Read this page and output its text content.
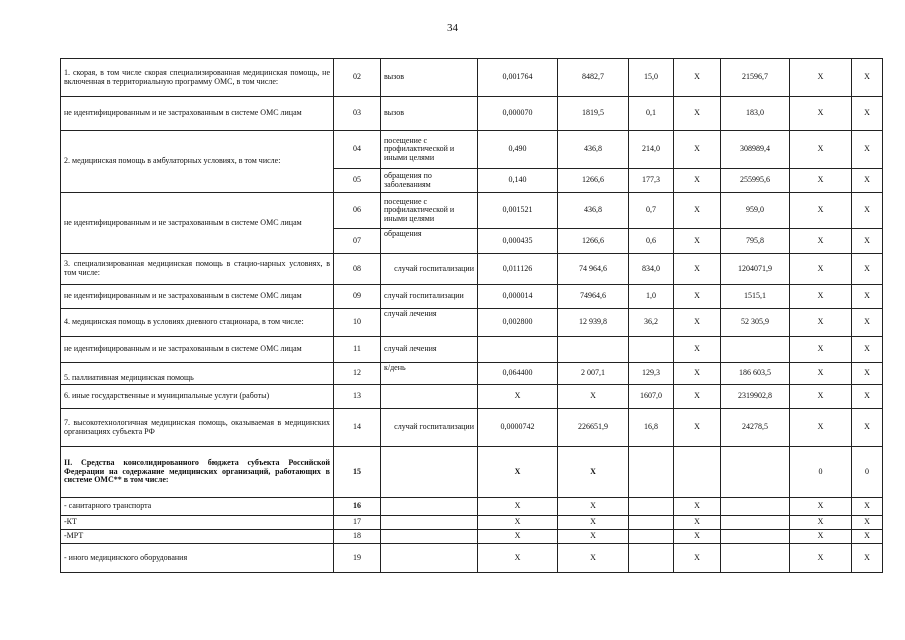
34
1. скорая, в том числе скорая специализированная медицинская помощь, не включенная в территориальную программу ОМС, в том числе:	02	вызов	0,001764	8482,7	15,0	Х	21596,7	Х	Х
не идентифицированным и не застрахованным в системе ОМС лицам	03	вызов	0,000070	1819,5	0,1	Х	183,0	Х	Х
2. медицинская помощь в амбулаторных условиях, в том числе:	04	посещение с профилактической и иными целями	0,490	436,8	214,0	Х	308989,4	Х	Х
	05	обращения по заболеваниям	0,140	1266,6	177,3	Х	255995,6	Х	Х
не идентифицированным и не застрахованным в системе ОМС лицам	06	посещение с профилактической и иными целями	0,001521	436,8	0,7	Х	959,0	Х	Х
	07	обращения	0,000435	1266,6	0,6	Х	795,8	Х	Х
3. специализированная медицинская помощь в стацио-нарных условиях, в том числе:	08	случай госпитализации	0,011126	74 964,6	834,0	Х	1204071,9	Х	Х
не идентифицированным и не застрахованным в системе ОМС лицам	09	случай госпитализации	0,000014	74964,6	1,0	Х	1515,1	Х	Х
4. медицинская помощь в условиях дневного стационара, в том числе:	10	случай лечения	0,002800	12 939,8	36,2	Х	52 305,9	Х	Х
не идентифицированным и не застрахованным в системе ОМС лицам	11	случай лечения				Х		Х	Х
5. паллиативная медицинская помощь	12	к/день	0,064400	2 007,1	129,3	Х	186 603,5	Х	Х
6. иные государственные и муниципальные услуги (работы)	13		Х	Х	1607,0	Х	2319902,8	Х	Х
7. высокотехнологичная медицинская помощь, оказываемая в медицинских организациях субъекта РФ	14	случай госпитализации	0,0000742	226651,9	16,8	Х	24278,5	Х	Х
II. Средства консолидированного бюджета субъекта Российской Федерации на содержание медицинских организаций, работающих в системе ОМС** в том числе:	15		Х	Х				0	0
- санитарного транспорта	16		Х	Х		Х		Х	Х
-КТ	17		Х	Х		Х		Х	Х
-МРТ	18		Х	Х		Х		Х	Х
- иного медицинского оборудования	19		Х	Х		Х		Х	Х
